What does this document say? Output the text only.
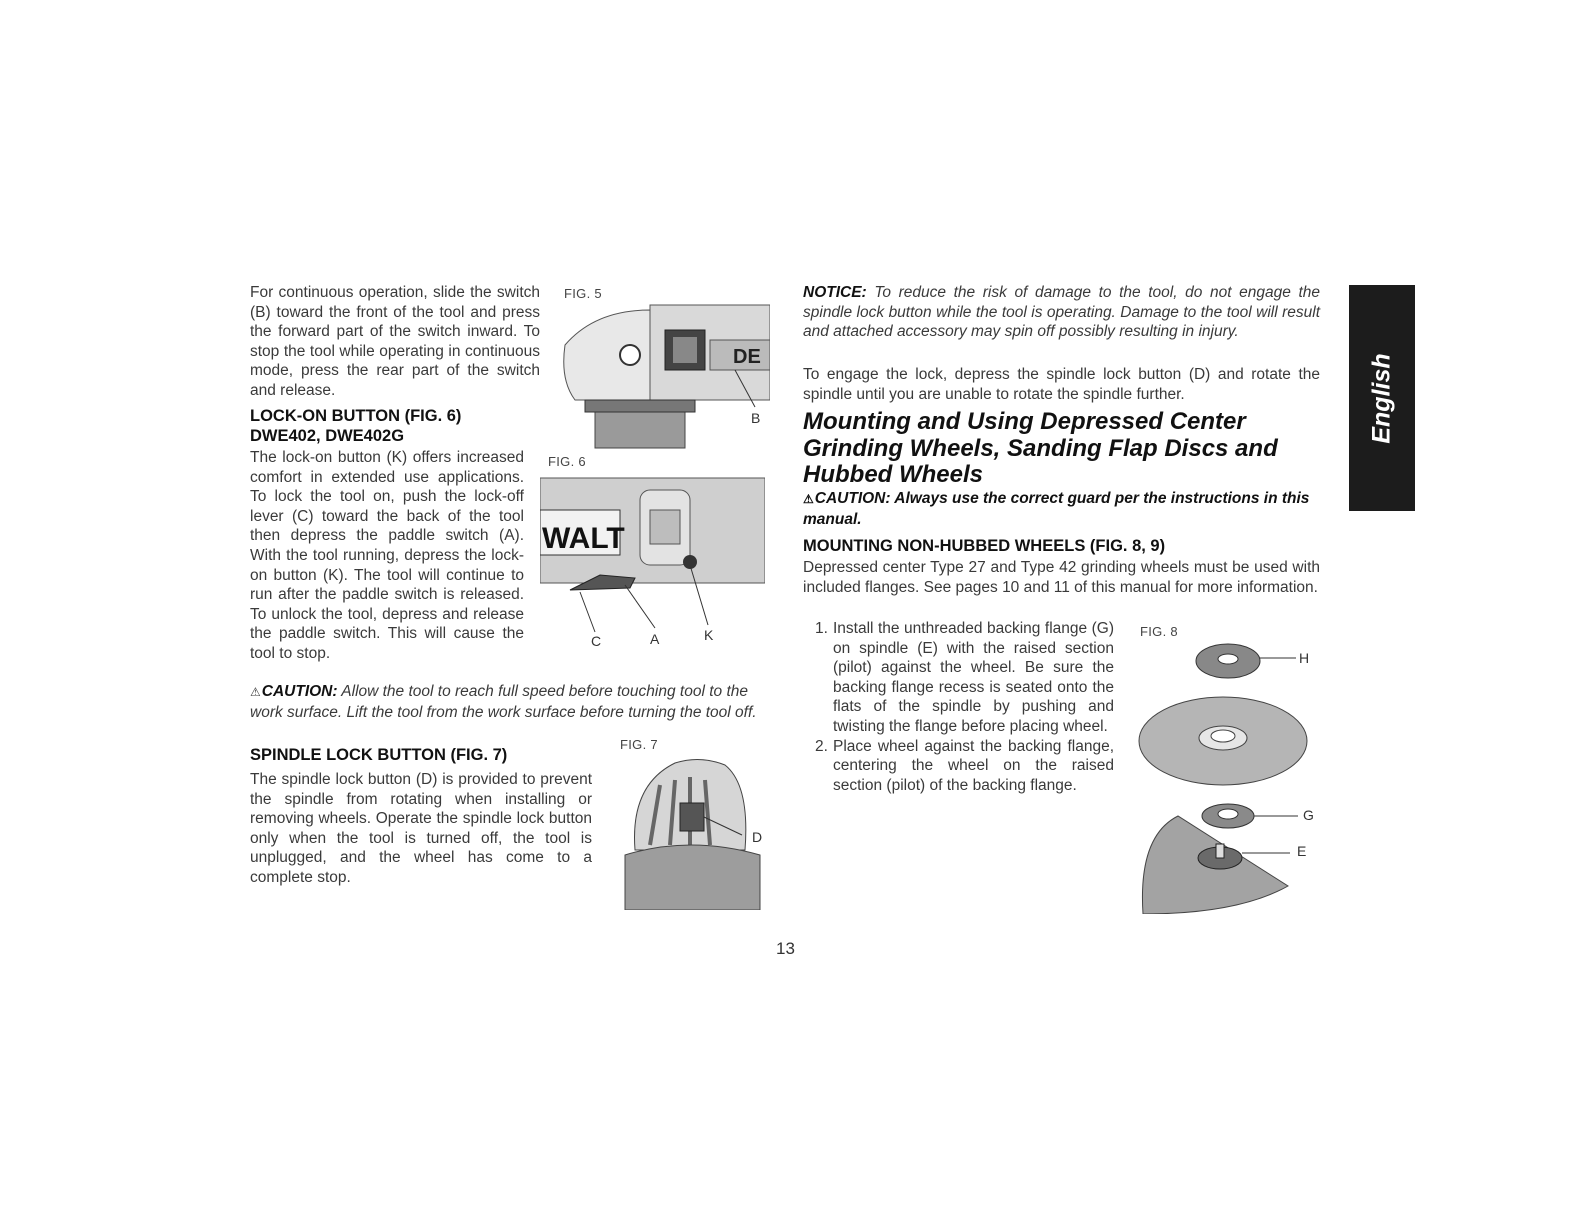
For continuous operation, slide the switch (B) toward the front of the tool and press the forward part of the switch inward. To stop the tool while operating in continuous mode, press the rear part of the switch and release.

LOCK-ON BUTTON (FIG. 6)
DWE402, DWE402G

The lock-on button (K) offers increased comfort in extended use applications. To lock the tool on, push the lock-off lever (C) toward the back of the tool then depress the paddle switch (A). With the tool running, depress the lock-on button (K). The tool will continue to run after the paddle switch is released. To unlock the tool, depress and release the paddle switch. This will cause the tool to stop.

⚠CAUTION: Allow the tool to reach full speed before touching tool to the work surface. Lift the tool from the work surface before turning the tool off.

SPINDLE LOCK BUTTON (FIG. 7)

The spindle lock button (D) is provided to prevent the spindle from rotating when installing or removing wheels. Operate the spindle lock button only when the tool is turned off, the tool is unplugged, and the wheel has come to a complete stop.

FIG. 5
DE
B
FIG. 6
WALT
C	A	K
FIG. 7
D

NOTICE: To reduce the risk of damage to the tool, do not engage the spindle lock button while the tool is operating. Damage to the tool will result and attached accessory may spin off possibly resulting in injury.

To engage the lock, depress the spindle lock button (D) and rotate the spindle until you are unable to rotate the spindle further.

Mounting and Using Depressed Center
Grinding Wheels, Sanding Flap Discs and
Hubbed Wheels

⚠CAUTION: Always use the correct guard per the instructions in this manual.

MOUNTING NON-HUBBED WHEELS (FIG. 8, 9)

Depressed center Type 27 and Type 42 grinding wheels must be used with included flanges. See pages 10 and 11 of this manual for more information.

1. Install the unthreaded backing flange (G) on spindle (E) with the raised section (pilot) against the wheel. Be sure the backing flange recess is seated onto the flats of the spindle by pushing and twisting the flange before placing wheel.
2. Place wheel against the backing flange, centering the wheel on the raised section (pilot) of the backing flange.
FIG. 8
H
G
E
English
13
